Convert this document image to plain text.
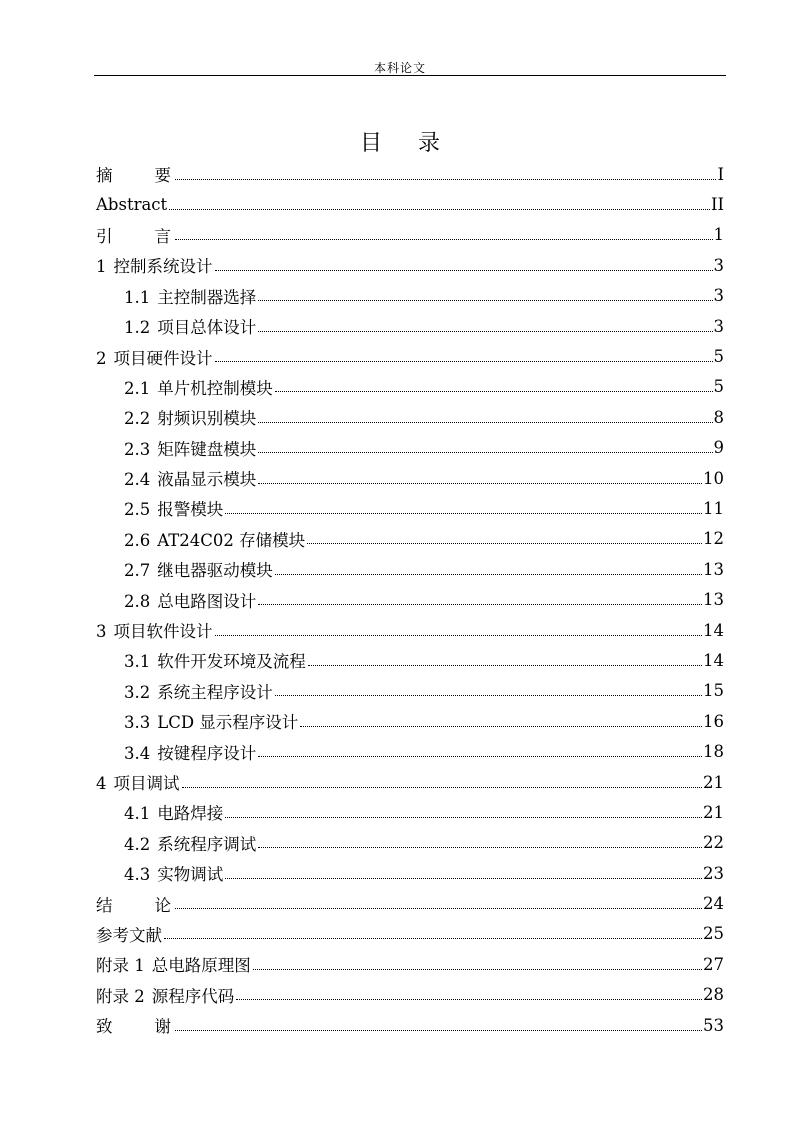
本科论文
目 录
摘要	I
Abstract	II
引言	1
1 控制系统设计	3
1.1 主控制器选择	3
1.2 项目总体设计	3
2 项目硬件设计	5
2.1 单片机控制模块	5
2.2 射频识别模块	8
2.3 矩阵键盘模块	9
2.4 液晶显示模块	10
2.5 报警模块	11
2.6 AT24C02 存储模块	12
2.7 继电器驱动模块	13
2.8 总电路图设计	13
3 项目软件设计	14
3.1 软件开发环境及流程	14
3.2 系统主程序设计	15
3.3 LCD 显示程序设计	16
3.4 按键程序设计	18
4 项目调试	21
4.1 电路焊接	21
4.2 系统程序调试	22
4.3 实物调试	23
结论	24
参考文献	25
附录 1 总电路原理图	27
附录 2 源程序代码	28
致谢	53
